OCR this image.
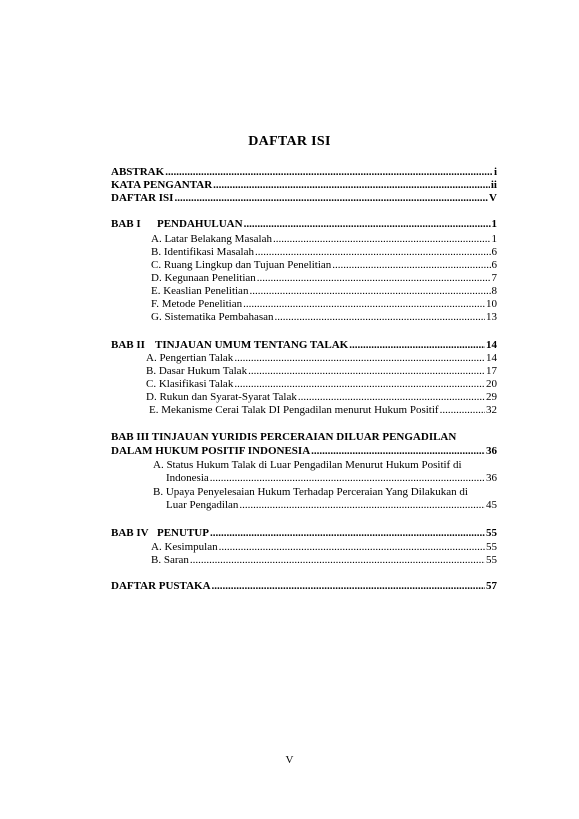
DAFTAR ISI
ABSTRAK .....	i
KATA PENGANTAR .....	ii
DAFTAR ISI .....	V
BAB I	PENDAHULUAN .....	1
A. Latar Belakang Masalah .....	1
B. Identifikasi Masalah .....	6
C. Ruang Lingkup dan Tujuan Penelitian .....	6
D. Kegunaan Penelitian .....	7
E. Keaslian Penelitian .....	8
F. Metode Penelitian .....	10
G. Sistematika Pembahasan .....	13
BAB II TINJAUAN UMUM TENTANG TALAK .....	14
A. Pengertian Talak .....	14
B. Dasar Hukum Talak .....	17
C. Klasifikasi Talak .....	20
D. Rukun dan Syarat-Syarat Talak .....	29
E. Mekanisme Cerai Talak DI Pengadilan menurut Hukum Positif .....	32
BAB III TINJAUAN YURIDIS PERCERAIAN DILUAR PENGADILAN
DALAM HUKUM POSITIF INDONESIA .....	36
A. Status Hukum Talak di Luar Pengadilan Menurut Hukum Positif di
Indonesia .....	36
B. Upaya Penyelesaian Hukum Terhadap Perceraian Yang Dilakukan di
Luar Pengadilan .....	45
BAB IV PENUTUP .....	55
A. Kesimpulan .....	55
B. Saran .....	55
DAFTAR PUSTAKA .....	57
V
